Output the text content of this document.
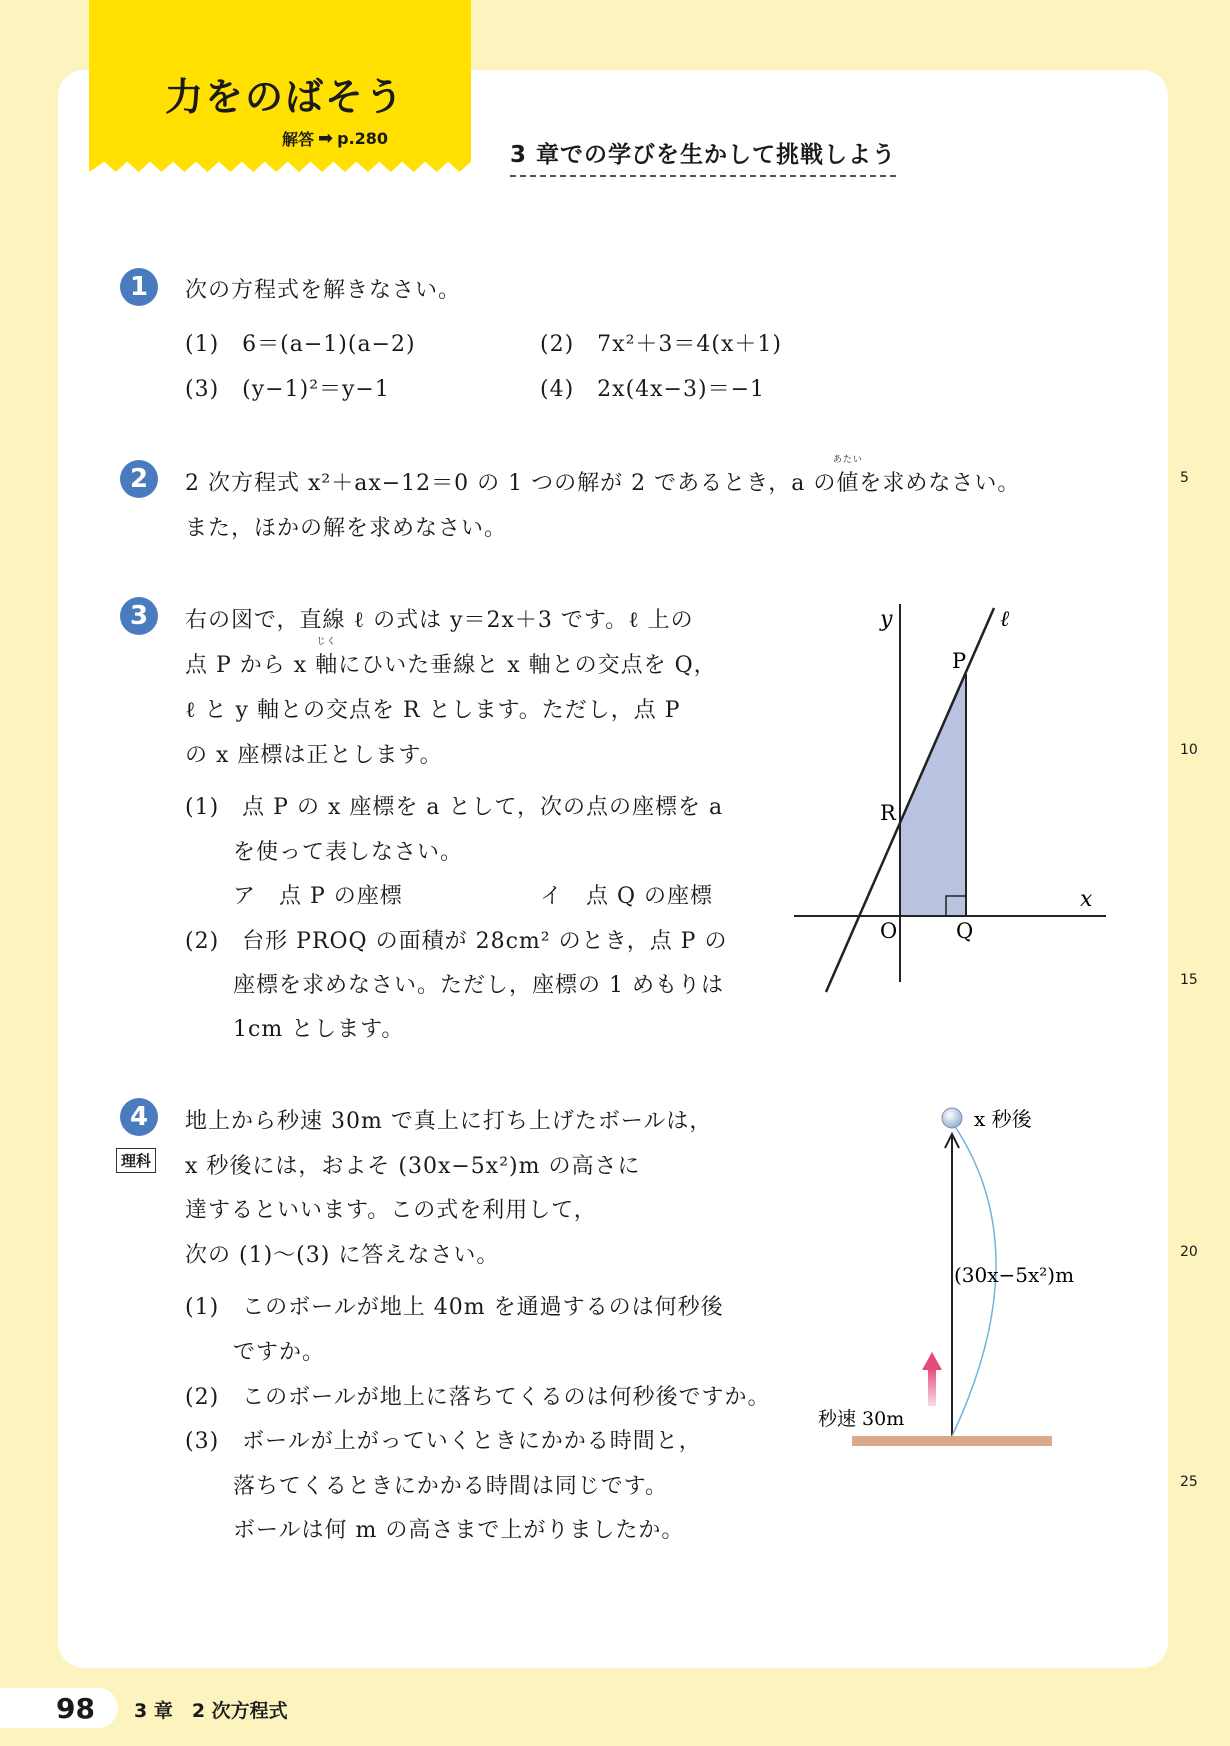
力をのばそう
解答 ➡ p.280
3 章での学びを生かして挑戦しよう
1	次の方程式を解きなさい。
(1)　6＝(a−1)(a−2)	(2)　7x²＋3＝4(x＋1)
(3)　(y−1)²＝y−1	(4)　2x(4x−3)＝−1
2	2 次方程式 x²＋ax−12＝0 の 1 つの解が 2 であるとき，a の
あたい
値を求めなさい。
また，ほかの解を求めなさい。
3	右の図で，直線 ℓ の式は y＝2x＋3 です。ℓ 上の
点 P から x
じく
軸にひいた垂線と x 軸との交点を Q，
ℓ と y 軸との交点を R とします。ただし，点 P
の x 座標は正とします。
(1)　点 P の x 座標を a として，次の点の座標を a
を使って表しなさい。
ア　点 P の座標	イ　点 Q の座標
(2)　台形 PROQ の面積が 28cm² のとき，点 P の
座標を求めなさい。ただし，座標の 1 めもりは
1cm とします。
y	ℓ
P
R
x
O	Q
4
理科
地上から秒速 30m で真上に打ち上げたボールは，
x 秒後には，およそ (30x−5x²)m の高さに
達するといいます。この式を利用して，
次の (1)〜(3) に答えなさい。
(1)　このボールが地上 40m を通過するのは何秒後
ですか。
(2)　このボールが地上に落ちてくるのは何秒後ですか。
(3)　ボールが上がっていくときにかかる時間と，
落ちてくるときにかかる時間は同じです。
ボールは何 m の高さまで上がりましたか。
x 秒後
(30x−5x²)m
秒速 30m
5
10
15
20
25
98	3 章　2 次方程式
